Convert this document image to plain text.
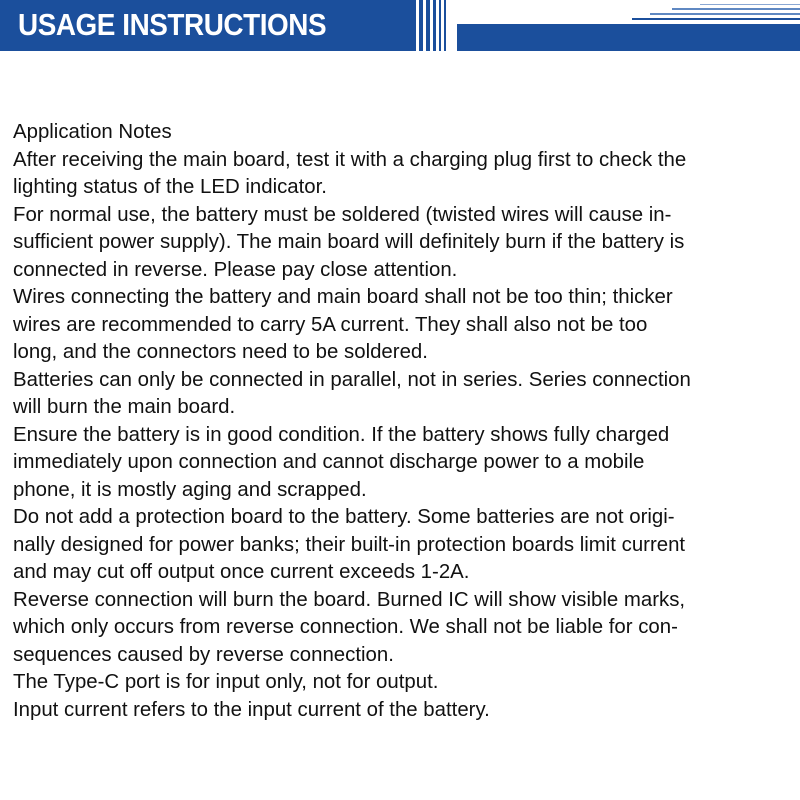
USAGE INSTRUCTIONS
Application Notes
After receiving the main board, test it with a charging plug first to check the
lighting status of the LED indicator.
For normal use, the battery must be soldered (twisted wires will cause in-
sufficient power supply). The main board will definitely burn if the battery is
connected in reverse. Please pay close attention.
Wires connecting the battery and main board shall not be too thin; thicker
wires are recommended to carry 5A current. They shall also not be too
long, and the connectors need to be soldered.
Batteries can only be connected in parallel, not in series. Series connection
will burn the main board.
Ensure the battery is in good condition. If the battery shows fully charged
immediately upon connection and cannot discharge power to a mobile
phone, it is mostly aging and scrapped.
Do not add a protection board to the battery. Some batteries are not origi-
nally designed for power banks; their built-in protection boards limit current
and may cut off output once current exceeds 1-2A.
Reverse connection will burn the board. Burned IC will show visible marks,
which only occurs from reverse connection. We shall not be liable for con-
sequences caused by reverse connection.
The Type-C port is for input only, not for output.
Input current refers to the input current of the battery.
